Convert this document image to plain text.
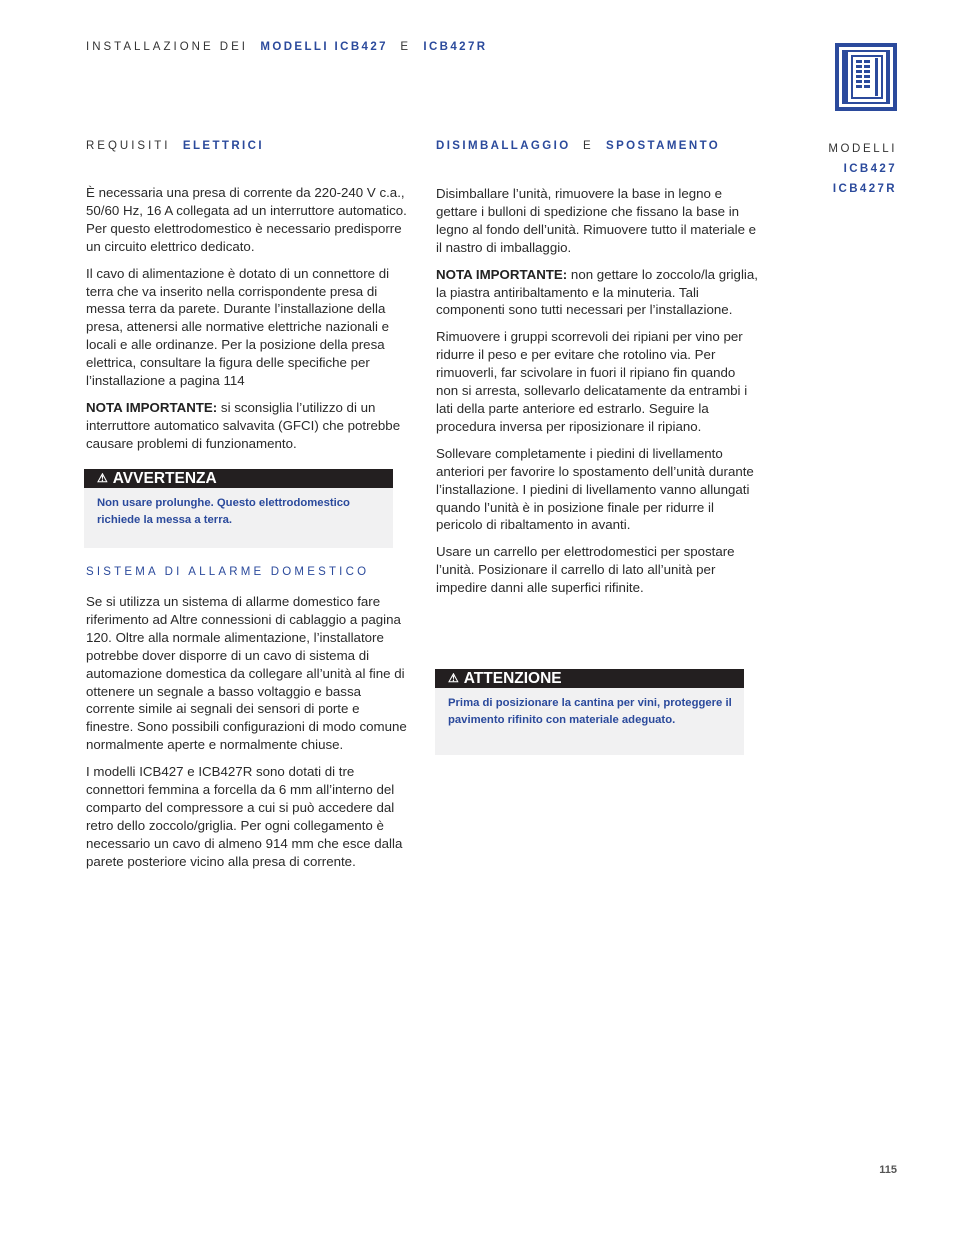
INSTALLAZIONE DEI MODELLI ICB427 E ICB427R
MODELLI
ICB427
ICB427R
REQUISITI ELETTRICI

È necessaria una presa di corrente da 220-240 V c.a., 50/60 Hz, 16 A collegata ad un interruttore automatico. Per questo elettrodomestico è necessario predisporre un circuito elettrico dedicato.

Il cavo di alimentazione è dotato di un connettore di terra che va inserito nella corrispondente presa di messa terra da parete. Durante l’installazione della presa, attenersi alle normative elettriche nazionali e locali e alle ordinanze. Per la posizione della presa elettrica, consultare la figura delle specifiche per l’installazione a pagina 114

NOTA IMPORTANTE: si sconsiglia l’utilizzo di un interruttore automatico salvavita (GFCI) che potrebbe causare problemi di funzionamento.

⚠ AVVERTENZA
Non usare prolunghe. Questo elettrodomestico richiede la messa a terra.
SISTEMA DI ALLARME DOMESTICO

Se si utilizza un sistema di allarme domestico fare riferimento ad Altre connessioni di cablaggio a pagina 120. Oltre alla normale alimentazione, l’installatore potrebbe dover disporre di un cavo di sistema di automazione domestica da collegare all’unità al fine di ottenere un segnale a basso voltaggio e bassa corrente simile ai segnali dei sensori di porte e finestre. Sono possibili configurazioni di modo comune normalmente aperte e normalmente chiuse.

I modelli ICB427 e ICB427R sono dotati di tre connettori femmina a forcella da 6 mm all’interno del comparto del compressore a cui si può accedere dal retro dello zoccolo/griglia. Per ogni collegamento è necessario un cavo di almeno 914 mm che esce dalla parete posteriore vicino alla presa di corrente.

DISIMBALLAGGIO E SPOSTAMENTO

Disimballare l’unità, rimuovere la base in legno e gettare i bulloni di spedizione che fissano la base in legno al fondo dell’unità. Rimuovere tutto il materiale e il nastro di imballaggio.

NOTA IMPORTANTE: non gettare lo zoccolo/la griglia, la piastra antiribaltamento e la minuteria. Tali componenti sono tutti necessari per l’installazione.

Rimuovere i gruppi scorrevoli dei ripiani per vino per ridurre il peso e per evitare che rotolino via. Per rimuoverli, far scivolare in fuori il ripiano fin quando non si arresta, sollevarlo delicatamente da entrambi i lati della parte anteriore ed estrarlo. Seguire la procedura inversa per riposizionare il ripiano.

Sollevare completamente i piedini di livellamento anteriori per favorire lo spostamento dell’unità durante l’installazione. I piedini di livellamento vanno allungati quando l’unità è in posizione finale per ridurre il pericolo di ribaltamento in avanti.

Usare un carrello per elettrodomestici per spostare l’unità. Posizionare il carrello di lato all’unità per impedire danni alle superfici rifinite.

⚠ ATTENZIONE
Prima di posizionare la cantina per vini, proteggere il pavimento rifinito con materiale adeguato.
115
